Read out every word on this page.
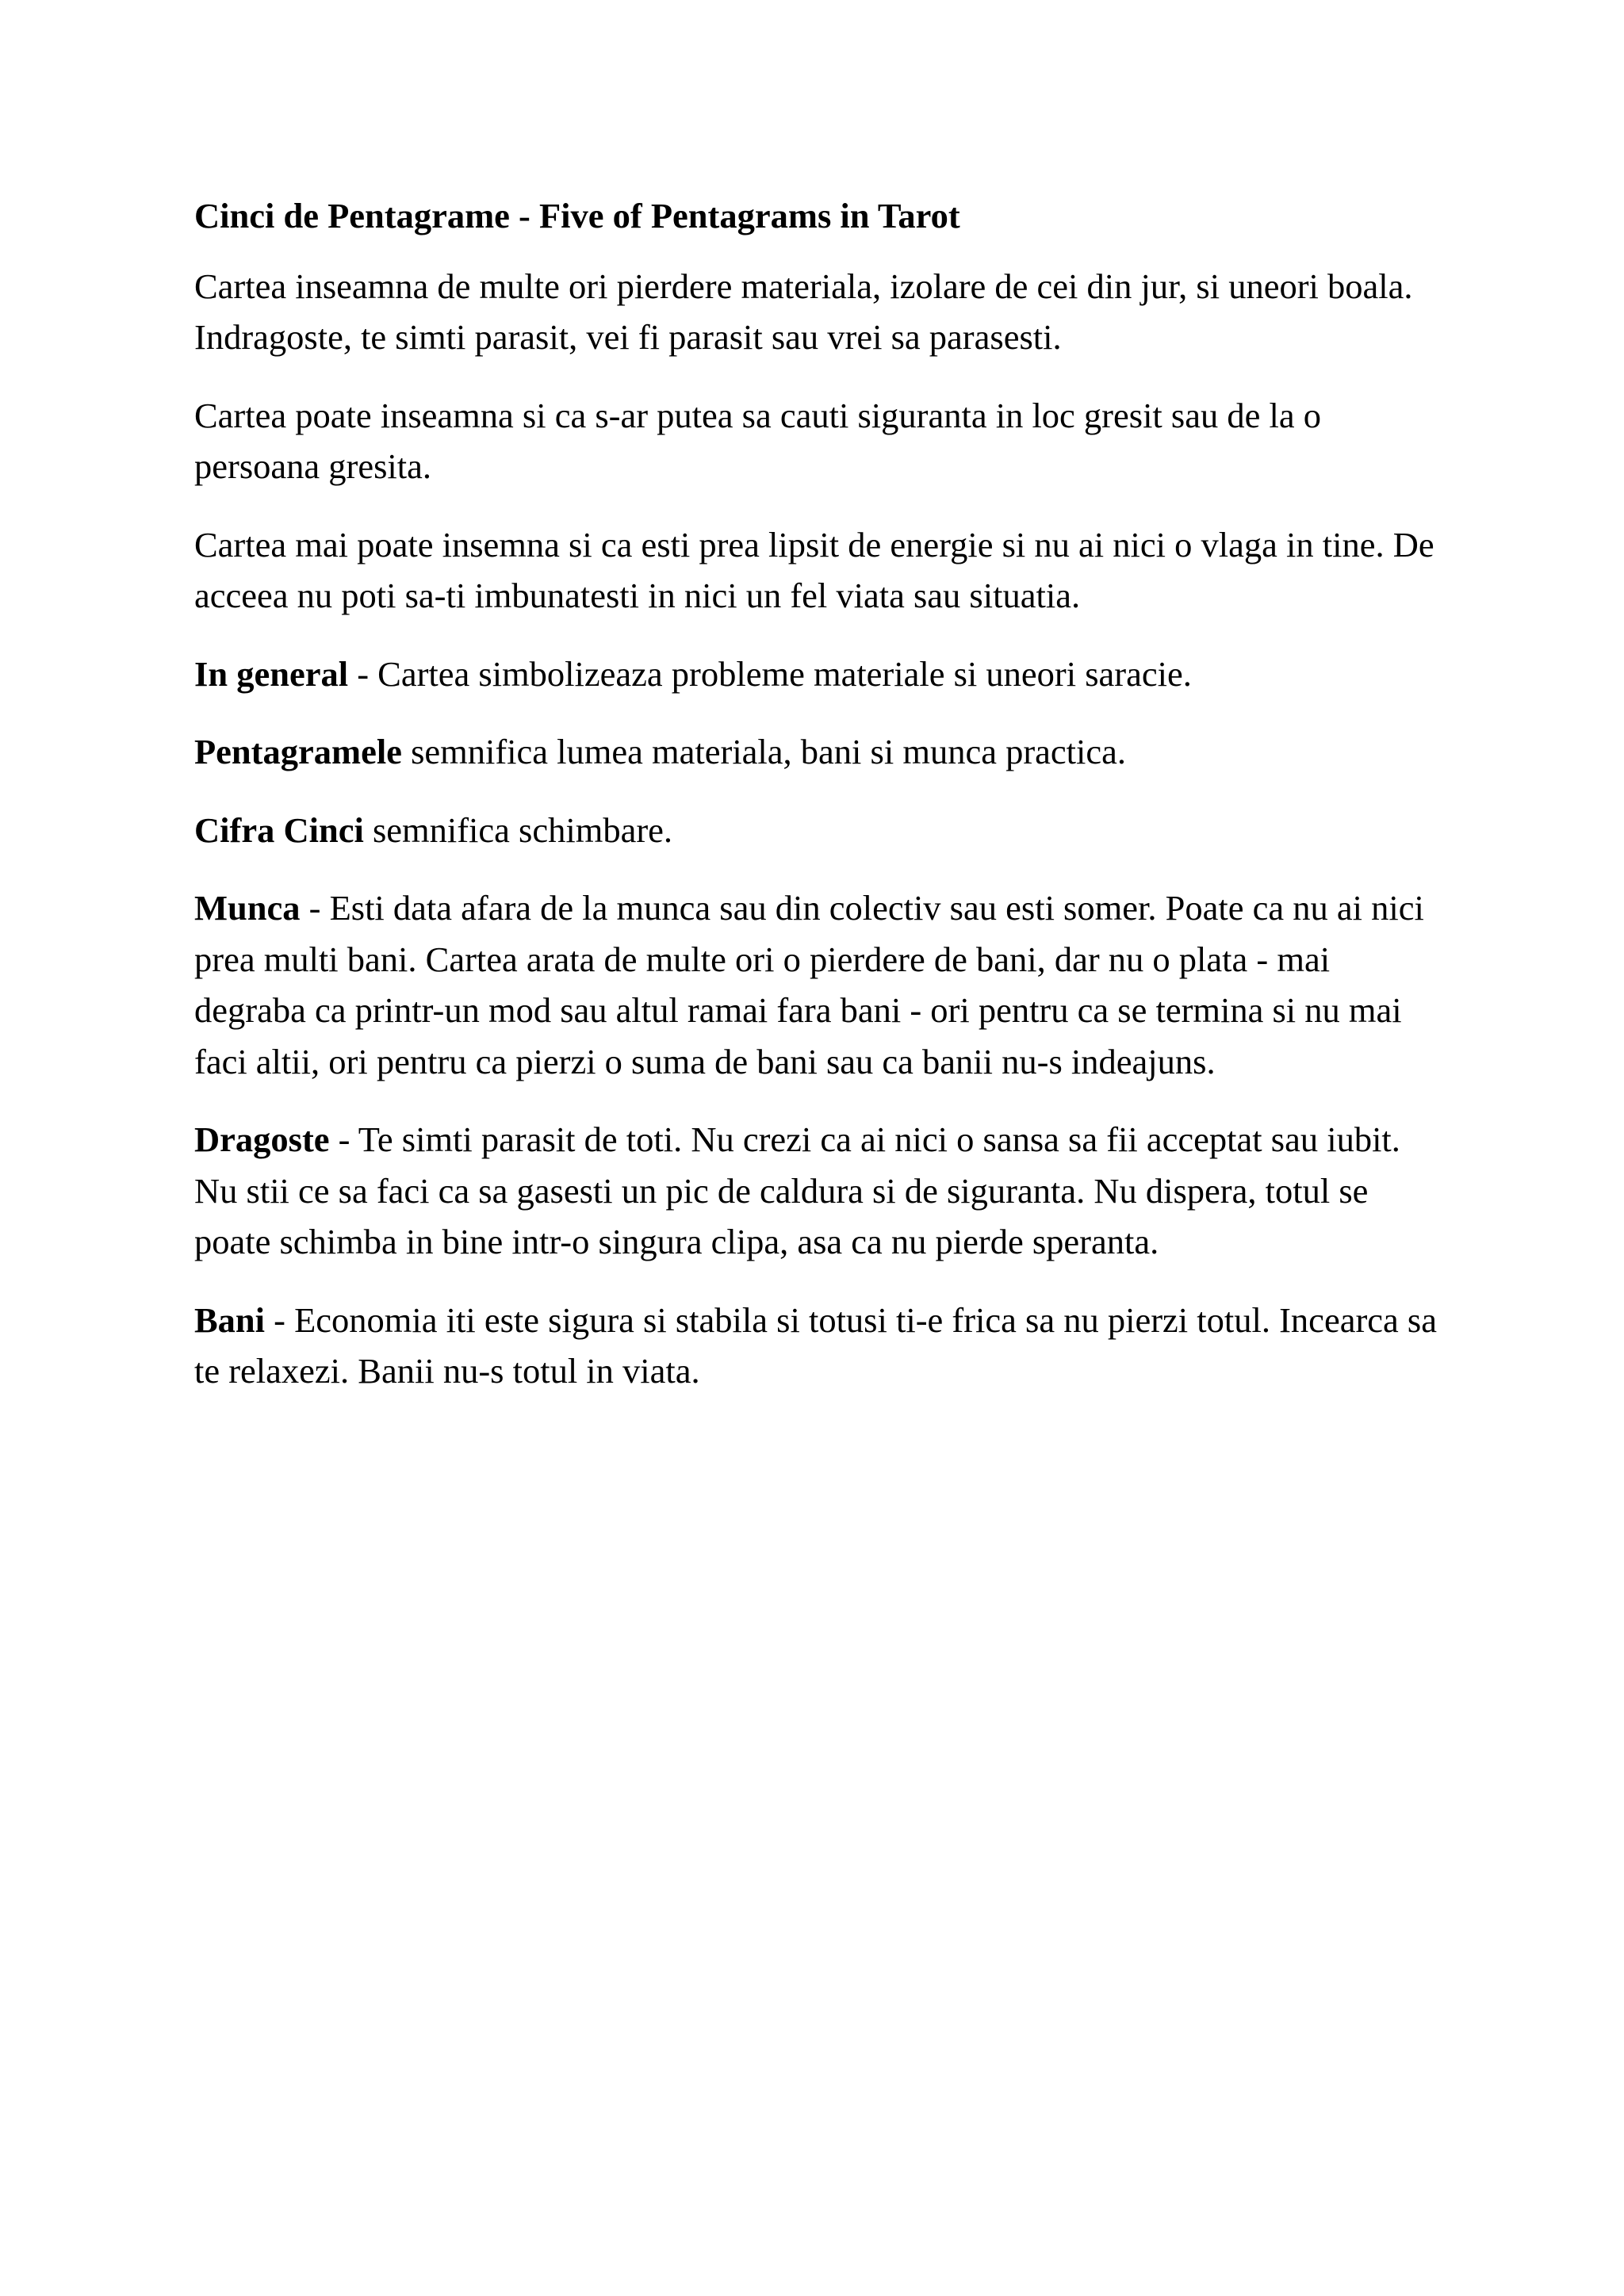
Cinci de Pentagrame - Five of Pentagrams in Tarot

Cartea inseamna de multe ori pierdere materiala, izolare de cei din jur, si uneori boala. Indragoste, te simti parasit, vei fi parasit sau vrei sa parasesti.

Cartea poate inseamna si ca s-ar putea sa cauti siguranta in loc gresit sau de la o persoana gresita.

Cartea mai poate insemna si ca esti prea lipsit de energie si nu ai nici o vlaga in tine. De acceea nu poti sa-ti imbunatesti in nici un fel viata sau situatia.

In general - Cartea simbolizeaza probleme materiale si uneori saracie.

Pentagramele semnifica lumea materiala, bani si munca practica.

Cifra Cinci semnifica schimbare.

Munca - Esti data afara de la munca sau din colectiv sau esti somer. Poate ca nu ai nici prea multi bani. Cartea arata de multe ori o pierdere de bani, dar nu o plata - mai degraba ca printr-un mod sau altul ramai fara bani - ori pentru ca se termina si nu mai faci altii, ori pentru ca pierzi o suma de bani sau ca banii nu-s indeajuns.

Dragoste - Te simti parasit de toti. Nu crezi ca ai nici o sansa sa fii acceptat sau iubit. Nu stii ce sa faci ca sa gasesti un pic de caldura si de siguranta. Nu dispera, totul se poate schimba in bine intr-o singura clipa, asa ca nu pierde speranta.

Bani - Economia iti este sigura si stabila si totusi ti-e frica sa nu pierzi totul. Incearca sa te relaxezi. Banii nu-s totul in viata.
